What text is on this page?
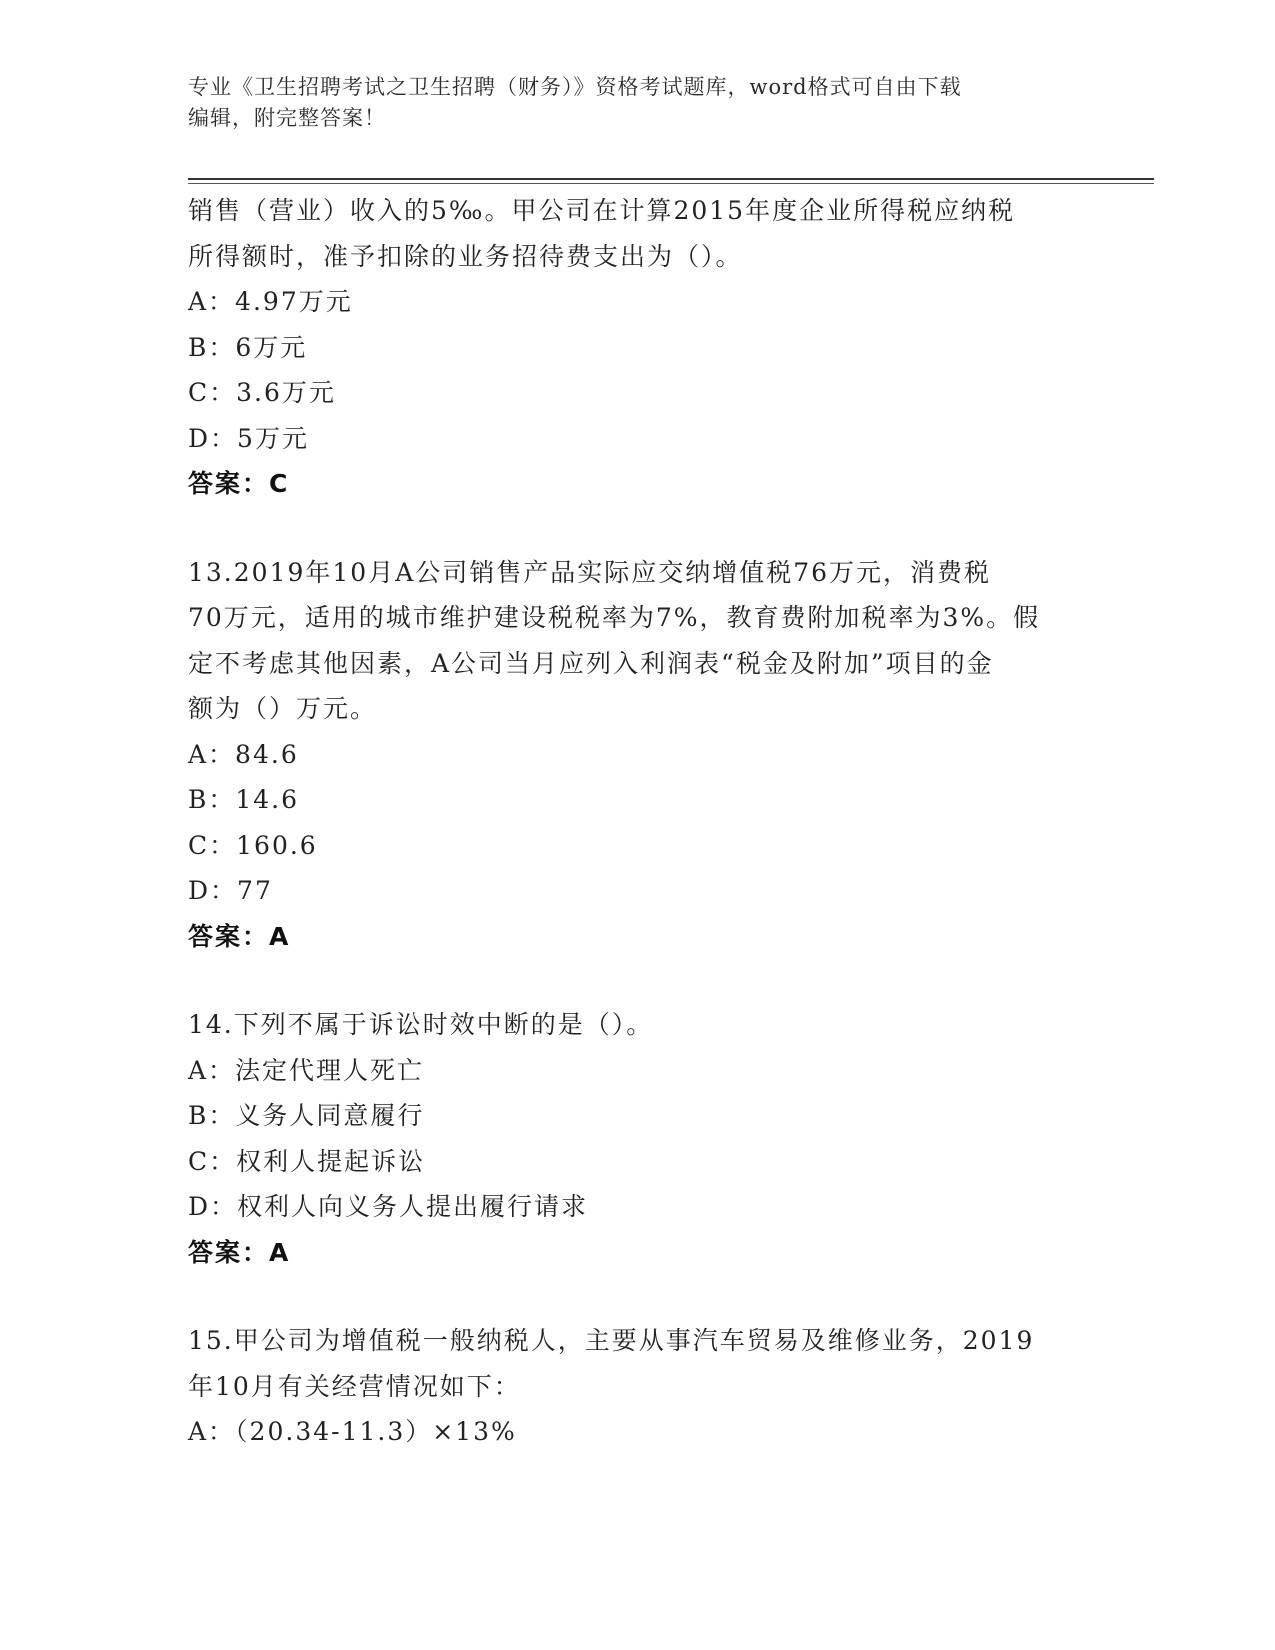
专业《卫生招聘考试之卫生招聘（财务）》资格考试题库，word格式可自由下载
编辑，附完整答案！
销售（营业）收入的5‰。甲公司在计算2015年度企业所得税应纳税
所得额时，准予扣除的业务招待费支出为（）。
A：4.97万元
B：6万元
C：3.6万元
D：5万元
答案：C
13.2019年10月A公司销售产品实际应交纳增值税76万元，消费税
70万元，适用的城市维护建设税税率为7%，教育费附加税率为3%。假
定不考虑其他因素，A公司当月应列入利润表“税金及附加”项目的金
额为（）万元。
A：84.6
B：14.6
C：160.6
D：77
答案：A
14.下列不属于诉讼时效中断的是（）。
A：法定代理人死亡
B：义务人同意履行
C：权利人提起诉讼
D：权利人向义务人提出履行请求
答案：A
15.甲公司为增值税一般纳税人，主要从事汽车贸易及维修业务，2019
年10月有关经营情况如下：
A：（20.34-11.3）×13%
